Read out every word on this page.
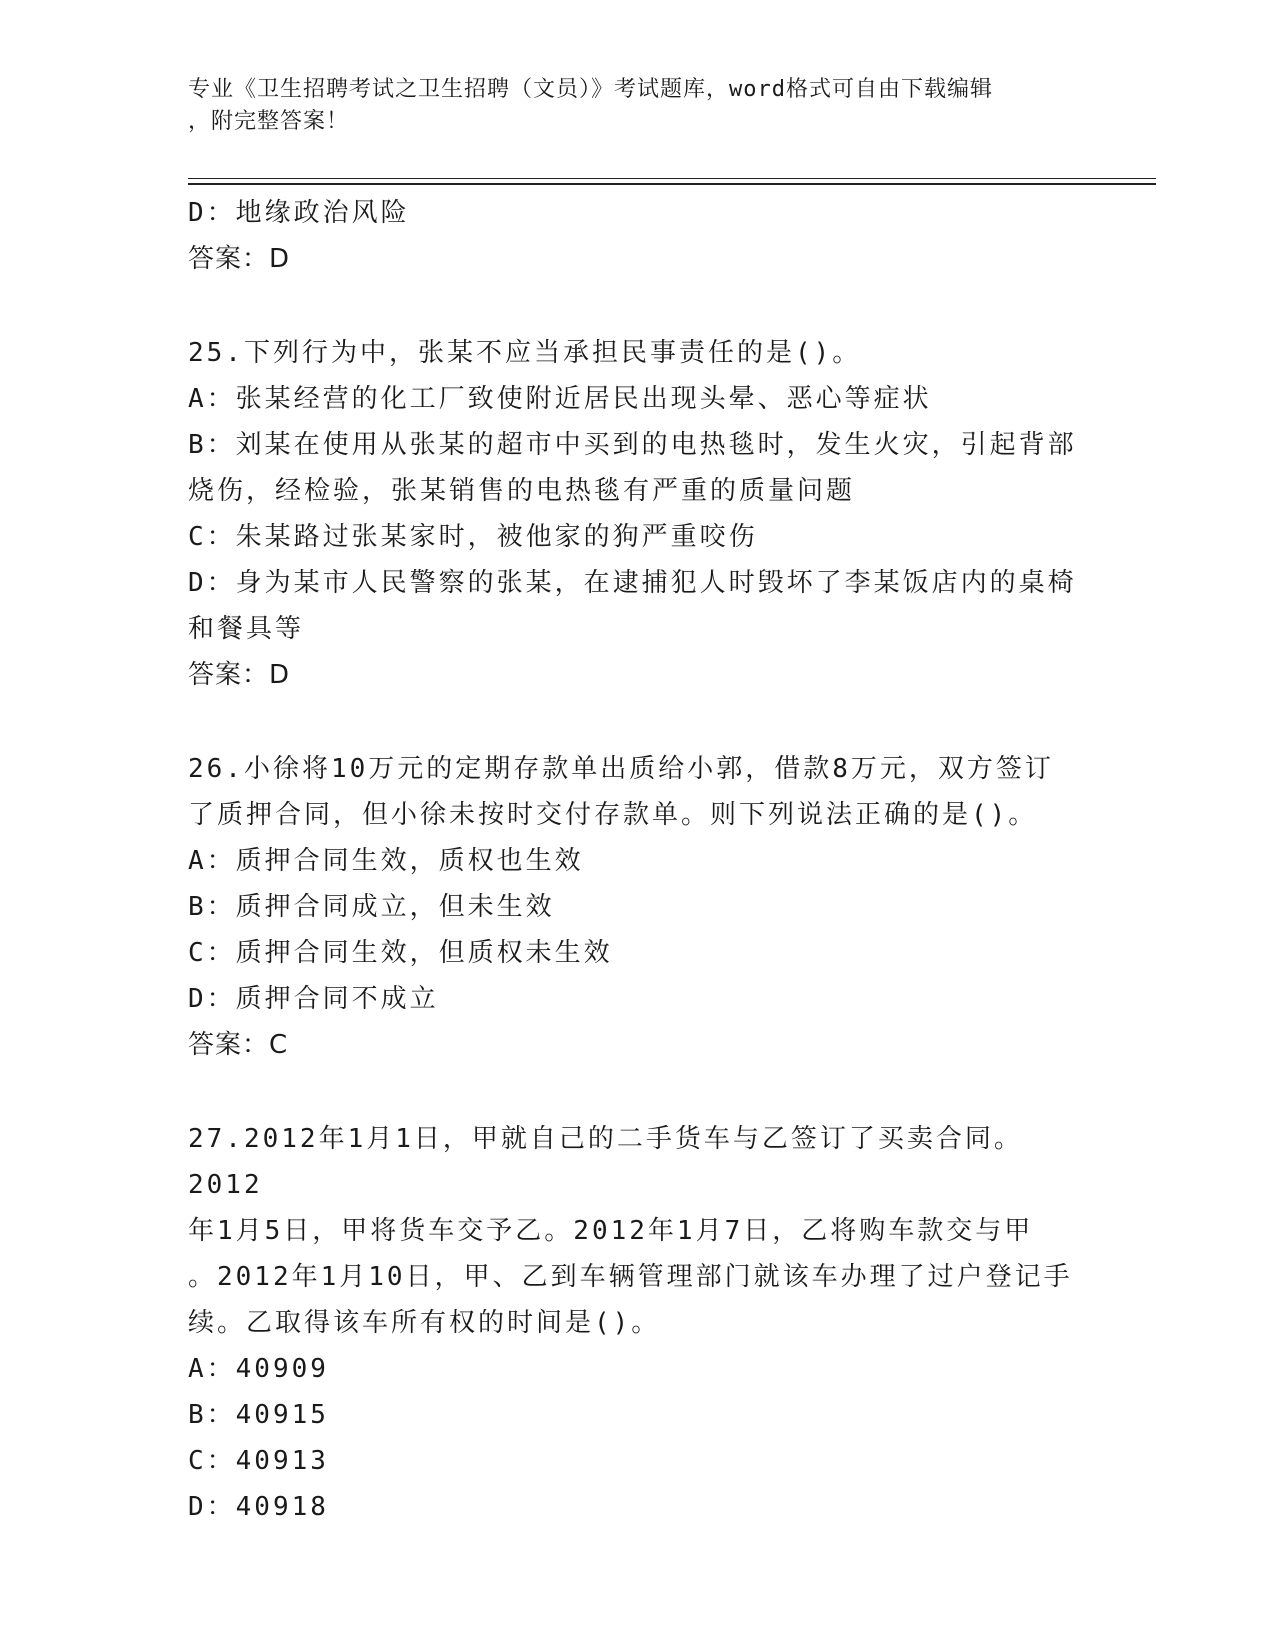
专业《卫生招聘考试之卫生招聘（文员）》考试题库，word格式可自由下载编辑
，附完整答案！
D：地缘政治风险
答案：D
25.下列行为中，张某不应当承担民事责任的是()。
A：张某经营的化工厂致使附近居民出现头晕、恶心等症状
B：刘某在使用从张某的超市中买到的电热毯时，发生火灾，引起背部
烧伤，经检验，张某销售的电热毯有严重的质量问题
C：朱某路过张某家时，被他家的狗严重咬伤
D：身为某市人民警察的张某，在逮捕犯人时毁坏了李某饭店内的桌椅
和餐具等
答案：D
26.小徐将10万元的定期存款单出质给小郭，借款8万元，双方签订
了质押合同，但小徐未按时交付存款单。则下列说法正确的是()。
A：质押合同生效，质权也生效
B：质押合同成立，但未生效
C：质押合同生效，但质权未生效
D：质押合同不成立
答案：C
27.2012年1月1日，甲就自己的二手货车与乙签订了买卖合同。2012
年1月5日，甲将货车交予乙。2012年1月7日，乙将购车款交与甲
。2012年1月10日，甲、乙到车辆管理部门就该车办理了过户登记手
续。乙取得该车所有权的时间是()。
A：40909
B：40915
C：40913
D：40918
